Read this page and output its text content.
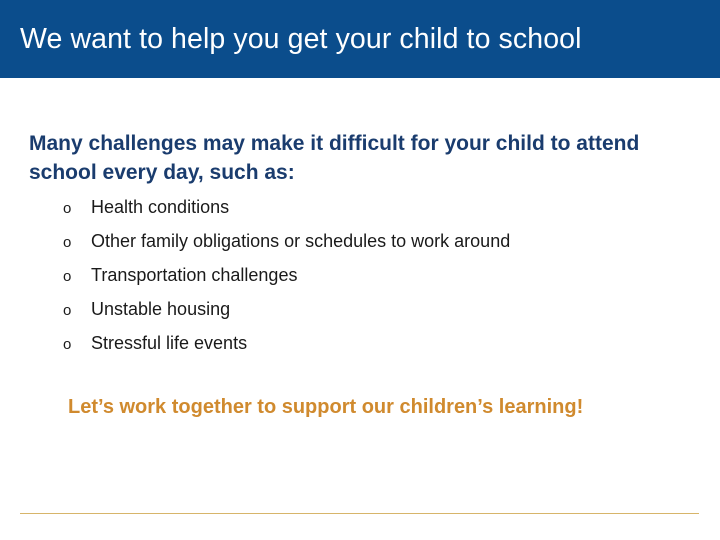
We want to help you get your child to school

Many challenges may make it difficult for your child to attend school every day, such as:

o Health conditions
o Other family obligations or schedules to work around
o Transportation challenges
o Unstable housing
o Stressful life events

Let’s work together to support our children’s learning!
